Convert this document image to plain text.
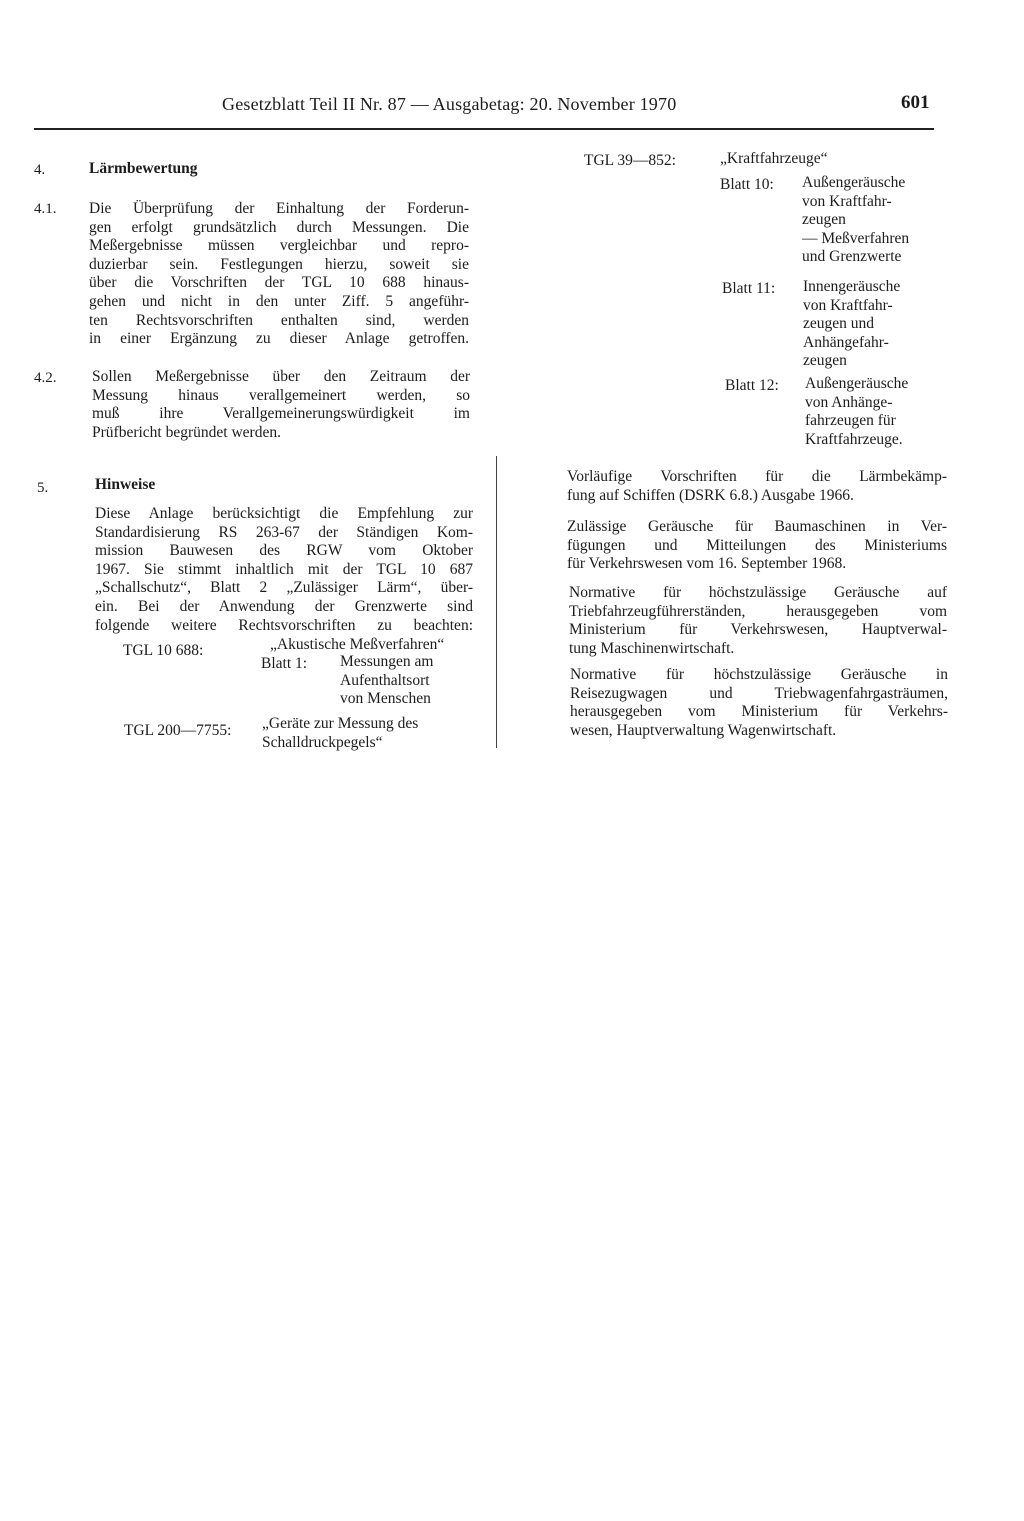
Gesetzblatt Teil II Nr. 87 — Ausgabetag: 20. November 1970	601
4.	Lärmbewertung
4.1. Die Überprüfung der Einhaltung der Forderun-
gen erfolgt grundsätzlich durch Messungen. Die
Meßergebnisse müssen vergleichbar und repro-
duzierbar sein. Festlegungen hierzu, soweit sie
über die Vorschriften der TGL 10 688 hinaus-
gehen und nicht in den unter Ziff. 5 angeführ-
ten Rechtsvorschriften enthalten sind, werden
in einer Ergänzung zu dieser Anlage getroffen.
4.2. Sollen Meßergebnisse über den Zeitraum der
Messung hinaus verallgemeinert werden, so
muß ihre Verallgemeinerungswürdigkeit im
Prüfbericht begründet werden.
5.	Hinweise
Diese Anlage berücksichtigt die Empfehlung zur
Standardisierung RS 263-67 der Ständigen Kom-
mission Bauwesen des RGW vom Oktober
1967. Sie stimmt inhaltlich mit der TGL 10 687
„Schallschutz“, Blatt 2 „Zulässiger Lärm“, über-
ein. Bei der Anwendung der Grenzwerte sind
folgende weitere Rechtsvorschriften zu beachten:
TGL 10 688:	„Akustische Meßverfahren“
Blatt 1: Messungen am
Aufenthaltsort
von Menschen
TGL 200—7755: „Geräte zur Messung des
Schalldruckpegels“
TGL 39—852:	„Kraftfahrzeuge“
Blatt 10: Außengeräusche
von Kraftfahr-
zeugen
— Meßverfahren
und Grenzwerte
Blatt 11: Innengeräusche
von Kraftfahr-
zeugen und
Anhängefahr-
zeugen
Blatt 12: Außengeräusche
von Anhänge-
fahrzeugen für
Kraftfahrzeuge.
Vorläufige Vorschriften für die Lärmbekämp-
fung auf Schiffen (DSRK 6.8.) Ausgabe 1966.
Zulässige Geräusche für Baumaschinen in Ver-
fügungen und Mitteilungen des Ministeriums
für Verkehrswesen vom 16. September 1968.
Normative für höchstzulässige Geräusche auf
Triebfahrzeugführerständen, herausgegeben vom
Ministerium für Verkehrswesen, Hauptverwal-
tung Maschinenwirtschaft.
Normative für höchstzulässige Geräusche in
Reisezugwagen und Triebwagenfahrgasträumen,
herausgegeben vom Ministerium für Verkehrs-
wesen, Hauptverwaltung Wagenwirtschaft.
